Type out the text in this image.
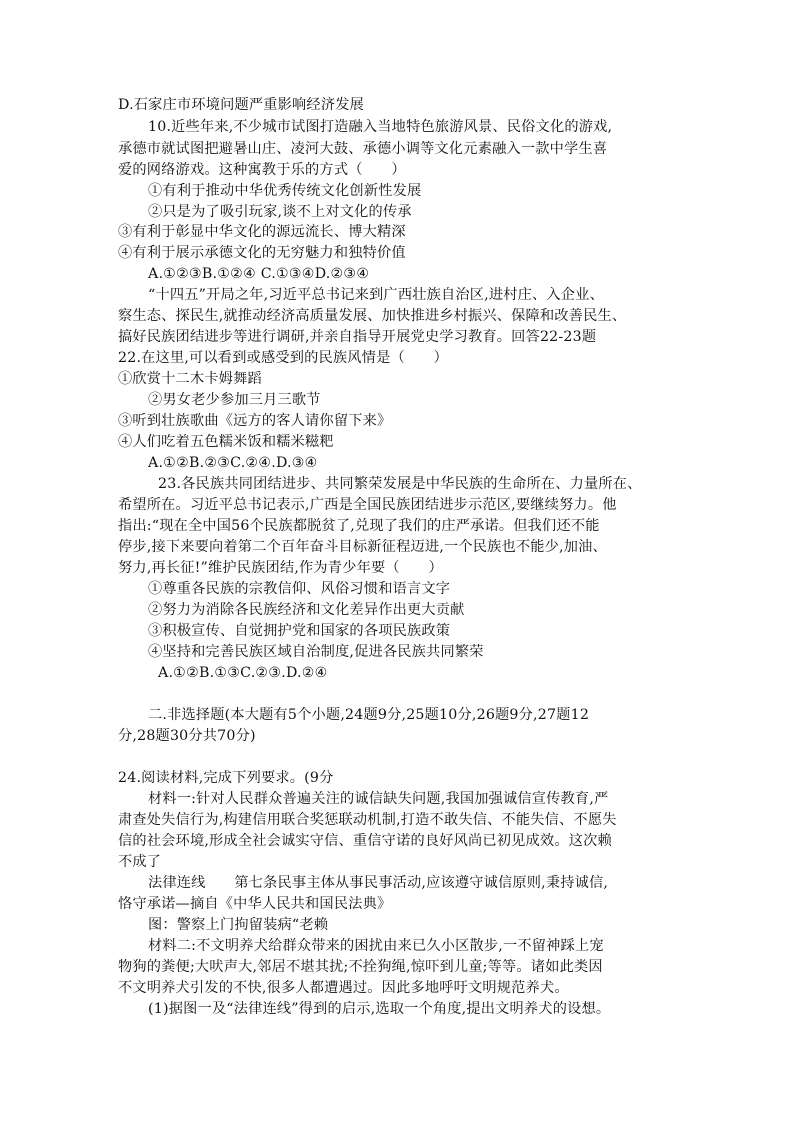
D.石家庄市环境问题严重影响经济发展
10.近些年来,不少城市试图打造融入当地特色旅游风景、民俗文化的游戏,
承德市就试图把避暑山庄、凌河大鼓、承德小调等文化元素融入一款中学生喜
爱的网络游戏。这种寓教于乐的方式（　　）
①有利于推动中华优秀传统文化创新性发展
②只是为了吸引玩家,谈不上对文化的传承
③有利于彰显中华文化的源远流长、博大精深
④有利于展示承德文化的无穷魅力和独特价值
A.①②③B.①②④ C.①③④D.②③④
“十四五”开局之年,习近平总书记来到广西壮族自治区,进村庄、入企业、
察生态、探民生,就推动经济高质量发展、加快推进乡村振兴、保障和改善民生、
搞好民族团结进步等进行调研,并亲自指导开展党史学习教育。回答22-23题
22.在这里,可以看到或感受到的民族风情是（　　）
①欣赏十二木卡姆舞蹈
②男女老少参加三月三歌节
③听到壮族歌曲《远方的客人请你留下来》
④人们吃着五色糯米饭和糯米糍粑
A.①②B.②③C.②④.D.③④
23.各民族共同团结进步、共同繁荣发展是中华民族的生命所在、力量所在、
希望所在。习近平总书记表示,广西是全国民族团结进步示范区,要继续努力。他
指出:“现在全中国56个民族都脱贫了,兑现了我们的庄严承诺。但我们还不能
停步,接下来要向着第二个百年奋斗目标新征程迈进,一个民族也不能少,加油、
努力,再长征!”维护民族团结,作为青少年要（　　）
①尊重各民族的宗教信仰、风俗习惯和语言文字
②努力为消除各民族经济和文化差异作出更大贡献
③积极宣传、自觉拥护党和国家的各项民族政策
④坚持和完善民族区域自治制度,促进各民族共同繁荣
A.①②B.①③C.②③.D.②④
二.非选择题(本大题有5个小题,24题9分,25题10分,26题9分,27题12
分,28题30分共70分)
24.阅读材料,完成下列要求。(9分
材料一:针对人民群众普遍关注的诚信缺失问题,我国加强诚信宣传教育,严
肃查处失信行为,构建信用联合奖惩联动机制,打造不敢失信、不能失信、不愿失
信的社会环境,形成全社会诚实守信、重信守诺的良好风尚已初见成效。这次赖
不成了
法律连线　　第七条民事主体从事民事活动,应该遵守诚信原则,秉持诚信,
恪守承诺—摘自《中华人民共和国民法典》
图：警察上门拘留装病“老赖
材料二:不文明养犬给群众带来的困扰由来已久小区散步,一不留神踩上宠
物狗的粪便;大吠声大,邻居不堪其扰;不拴狗绳,惊吓到儿童;等等。诸如此类因
不文明养犬引发的不快,很多人都遭遇过。因此多地呼吁文明规范养犬。
(1)据图一及“法律连线”得到的启示,选取一个角度,提出文明养犬的设想。
